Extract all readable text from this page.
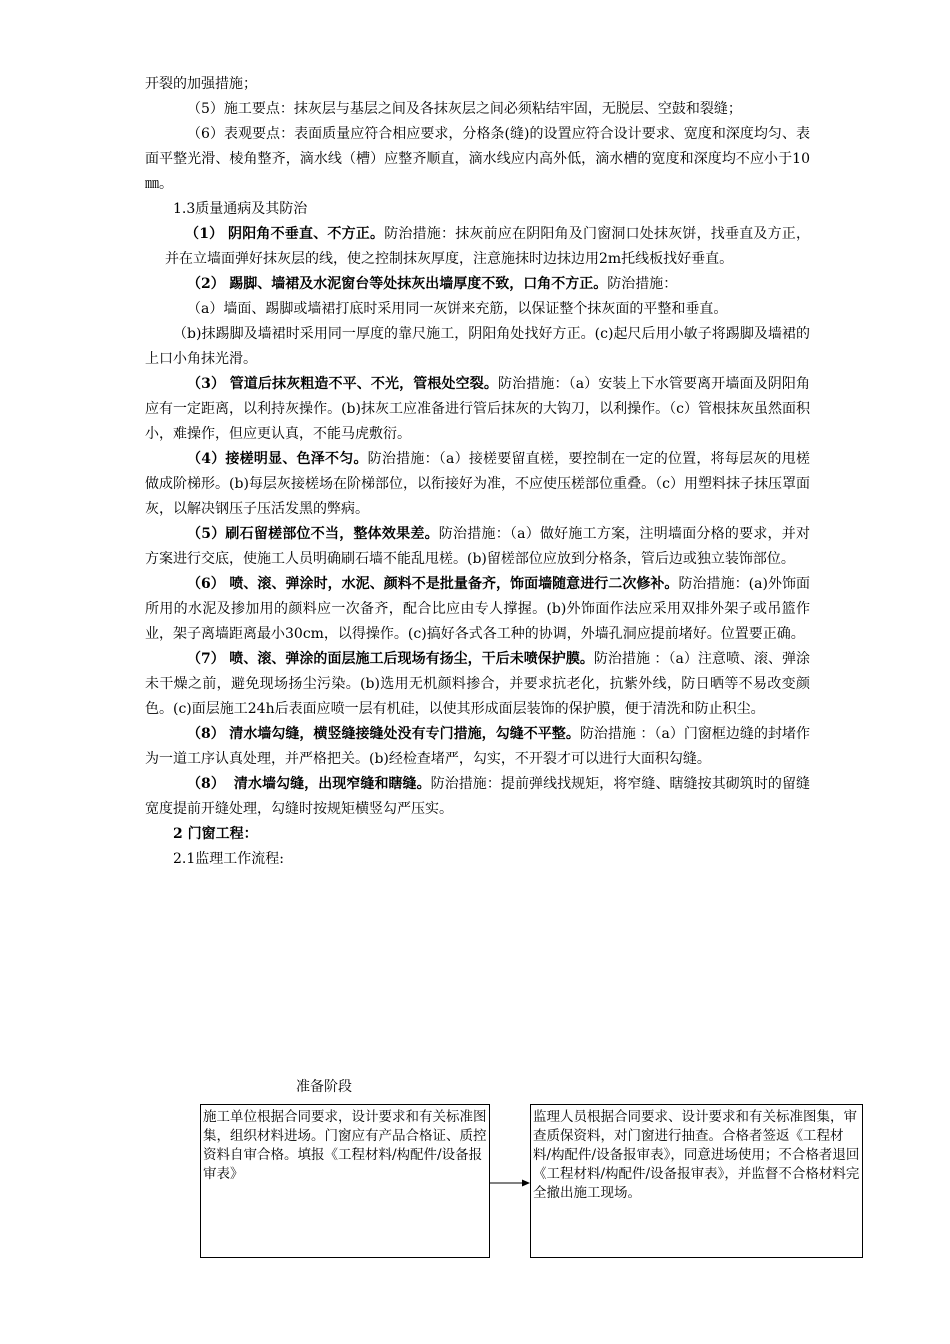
开裂的加强措施；

（5）施工要点：抹灰层与基层之间及各抹灰层之间必须粘结牢固，无脱层、空鼓和裂缝；

（6）表观要点：表面质量应符合相应要求，分格条(缝)的设置应符合设计要求、宽度和深度均匀、表面平整光滑、棱角整齐，滴水线（槽）应整齐顺直，滴水线应内高外低，滴水槽的宽度和深度均不应小于10㎜。

1.3质量通病及其防治

（1） 阴阳角不垂直、不方正。防治措施：抹灰前应在阴阳角及门窗洞口处抹灰饼，找垂直及方正，并在立墙面弹好抹灰层的线，使之控制抹灰厚度，注意施抹时边抹边用2m托线板找好垂直。

（2） 踢脚、墙裙及水泥窗台等处抹灰出墙厚度不致，口角不方正。防治措施：

（a）墙面、踢脚或墙裙打底时采用同一灰饼来充筋，以保证整个抹灰面的平整和垂直。

（b)抹踢脚及墙裙时采用同一厚度的靠尺施工，阴阳角处找好方正。(c)起尺后用小敏子将踢脚及墙裙的上口小角抹光滑。

（3） 管道后抹灰粗造不平、不光，管根处空裂。防治措施：（a）安装上下水管要离开墙面及阴阳角应有一定距离，以利持灰操作。(b)抹灰工应准备进行管后抹灰的大钩刀，以利操作。（c）管根抹灰虽然面积小，难操作，但应更认真，不能马虎敷衍。

（4）接槎明显、色泽不匀。防治措施：（a）接槎要留直槎，要控制在一定的位置，将每层灰的甩槎做成阶梯形。(b)每层灰接槎场在阶梯部位，以衔接好为准，不应使压槎部位重叠。（c）用塑料抹子抹压罩面灰，以解决钢压子压活发黑的弊病。

（5）刷石留槎部位不当，整体效果差。防治措施：（a）做好施工方案，注明墙面分格的要求，并对方案进行交底，使施工人员明确刷石墙不能乱甩槎。(b)留槎部位应放到分格条，管后边或独立装饰部位。

（6） 喷、滚、弹涂时，水泥、颜料不是批量备齐，饰面墙随意进行二次修补。防治措施：(a)外饰面所用的水泥及掺加用的颜料应一次备齐，配合比应由专人撑握。(b)外饰面作法应采用双排外架子或吊篮作业，架子离墙距离最小30cm，以得操作。(c)搞好各式各工种的协调，外墙孔洞应提前堵好。位置要正确。

（7） 喷、滚、弹涂的面层施工后现场有扬尘，干后未喷保护膜。防治措施 ：（a）注意喷、滚、弹涂未干燥之前，避免现场扬尘污染。(b)选用无机颜料掺合，并要求抗老化，抗紫外线，防日晒等不易改变颜色。(c)面层施工24h后表面应喷一层有机硅，以使其形成面层装饰的保护膜，便于清洗和防止积尘。

（8） 清水墙勾缝，横竖缝接缝处没有专门措施，勾缝不平整。防治措施 ：（a）门窗框边缝的封堵作为一道工序认真处理，并严格把关。(b)经检查堵严，勾实，不开裂才可以进行大面积勾缝。

（8） 清水墙勾缝，出现窄缝和瞎缝。防治措施：提前弹线找规矩，将窄缝、瞎缝按其砌筑时的留缝宽度提前开缝处理，勾缝时按规矩横竖勾严压实。

2 门窗工程：

2.1监理工作流程:

准备阶段
施工单位根据合同要求，设计要求和有关标准图集，组织材料进场。门窗应有产品合格证、质控资料自审合格。填报《工程材料/构配件/设备报审表》
监理人员根据合同要求、设计要求和有关标准图集，审查质保资料，对门窗进行抽查。合格者签返《工程材料/构配件/设备报审表》，同意进场使用；不合格者退回《工程材料/构配件/设备报审表》，并监督不合格材料完全撤出施工现场。
